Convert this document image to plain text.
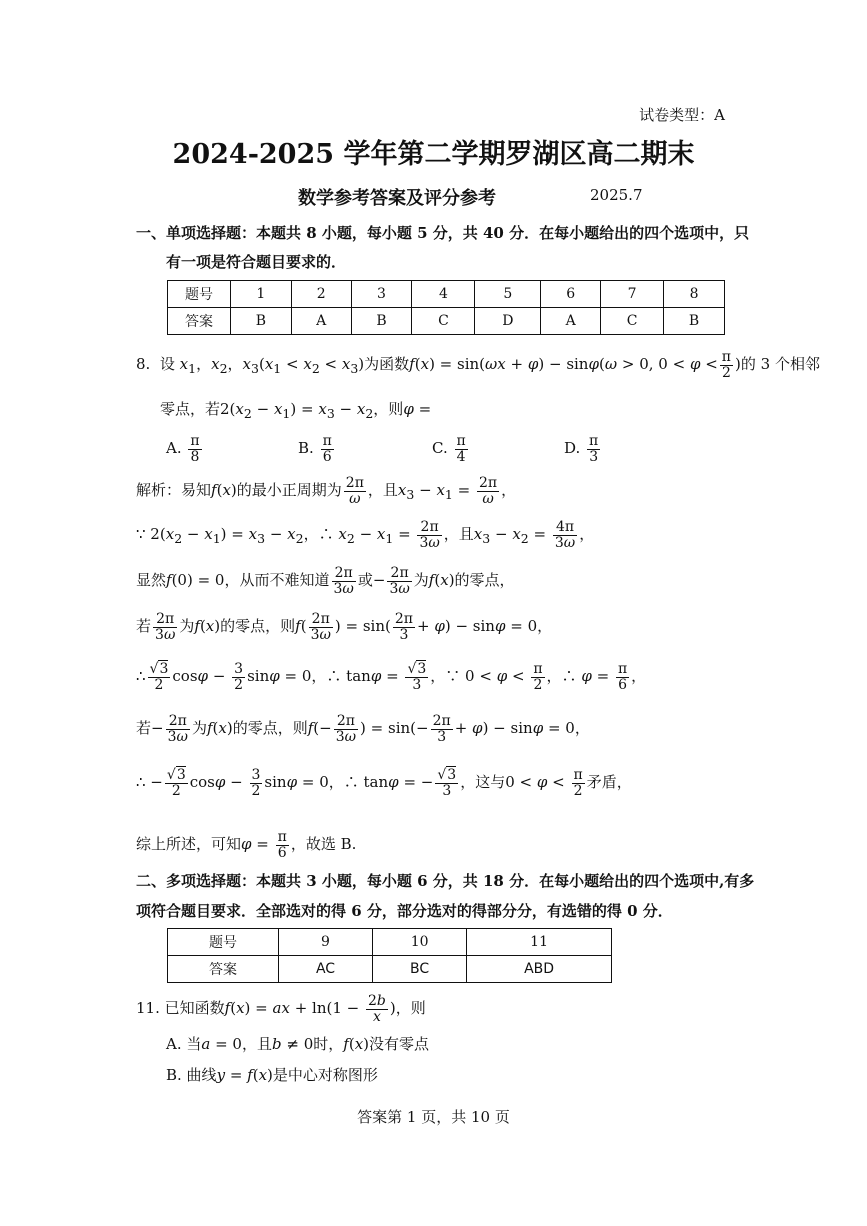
试卷类型：A
2024-2025 学年第二学期罗湖区高二期末
数学参考答案及评分参考	2025.7
一、单项选择题：本题共 8 小题，每小题 5 分，共 40 分．在每小题给出的四个选项中，只
有一项是符合题目要求的．
题号	1	2	3	4	5	6	7	8
答案	B	A	B	C	D	A	C	B
8. 设 $x_1$，$x_2$，$x_3(x_1 < x_2 < x_3)$为函数f(x) = sin(ωx + φ) − sinφ(ω > 0, $0 < \varphi < \frac{\pi}{2}$ )的 3 个相邻
零点，若$2(x_2 - x_1) = x_3 - x_2$，则φ =
A. $\frac{\pi}{8}$	B. $\frac{\pi}{6}$	C. $\frac{\pi}{4}$	D. $\frac{\pi}{3}$
解析：易知f(x)的最小正周期为 $\frac{2\pi}{\omega}$ ，且$x_3 - x_1 = \frac{2\pi}{\omega}$ ，
∵ $2(x_2 - x_1) = x_3 - x_2$，∴ $x_2 - x_1 = \frac{2\pi}{3\omega}$ ，且$x_3 - x_2 = \frac{4\pi}{3\omega}$ ，
显然f(0) = 0，从而不难知道 $\frac{2\pi}{3\omega}$ 或− $\frac{2\pi}{3\omega}$ 为f(x)的零点，
若 $\frac{2\pi}{3\omega}$ 为f(x)的零点，则$f( \frac{2\pi}{3\omega}$ ) = $\sin( \frac{2\pi}{3} + \varphi) - \sin\varphi = 0$，
∴ $\frac{√3}{2}$ $\cos\varphi - \frac{3}{2}$ sinφ = 0，∴ $\tan\varphi = \frac{√3}{3}$ ，∵ $0 < \varphi < \frac{\pi}{2}$ ，∴ $\varphi = \frac{\pi}{6}$ ，
若− $\frac{2\pi}{3\omega}$ 为f(x)的零点，则$f(- \frac{2\pi}{3\omega}$ ) = $\sin(- \frac{2\pi}{3} + \varphi) - \sin\varphi = 0$，
∴ − $\frac{√3}{2}$ $\cos\varphi - \frac{3}{2}$ sinφ = 0，∴ tanφ = − $\frac{√3}{3}$ ，这与$0 < \varphi < \frac{\pi}{2}$ 矛盾，
综上所述，可知$\varphi = \frac{\pi}{6}$ ，故选 B.
二、多项选择题：本题共 3 小题，每小题 6 分，共 18 分．在每小题给出的四个选项中,有多
项符合题目要求．全部选对的得 6 分，部分选对的得部分分，有选错的得 0 分．
题号	9	10	11
答案	AC	BC	ABD
11. 已知函数f(x) = ax + $\ln(1 - \frac{2b}{x}$ )，则
A. 当a = 0，且b ≠ 0时，f(x)没有零点
B. 曲线y = f(x)是中心对称图形
答案第 1 页，共 10 页
